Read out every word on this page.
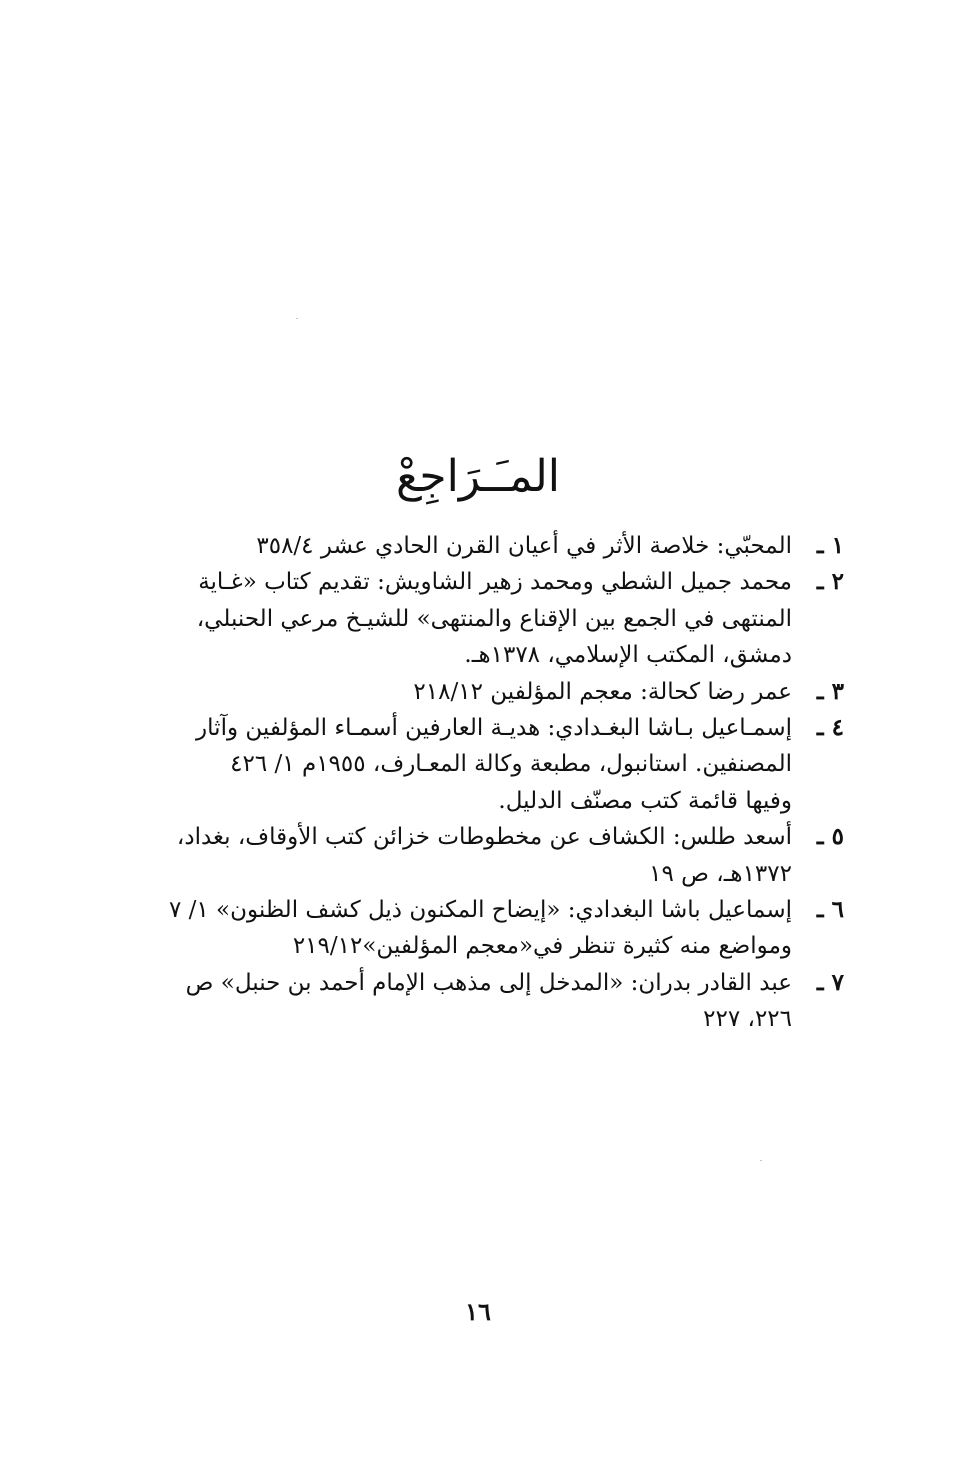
المـَـرَاجِعْ
١ ـ
المحبّي: خلاصة الأثر في أعيان القرن الحادي عشر ٣٥٨/٤
٢ ـ
محمد جميل الشطي ومحمد زهير الشاويش: تقديم كتاب «غـاية
المنتهى في الجمع بين الإقناع والمنتهى» للشيـخ مرعي الحنبلي،
دمشق، المكتب الإسلامي، ١٣٧٨هـ.
٣ ـ
عمر رضا كحالة: معجم المؤلفين ٢١٨/١٢
٤ ـ
إسمـاعيل بـاشا البغـدادي: هديـة العارفين أسمـاء المؤلفين وآثار
المصنفين. استانبول، مطبعة وكالة المعـارف، ١٩٥٥م ١/ ٤٢٦
وفيها قائمة كتب مصنّف الدليل.
٥ ـ
أسعد طلس: الكشاف عن مخطوطات خزائن كتب الأوقاف، بغداد،
١٣٧٢هـ، ص ١٩
٦ ـ
إسماعيل باشا البغدادي: «إيضاح المكنون ذيل كشف الظنون» ١/ ٧
ومواضع منه كثيرة تنظر في«معجم المؤلفين»٢١٩/١٢
٧ ـ
عبد القادر بدران: «المدخل إلى مذهب الإمام أحمد بن حنبل» ص
٢٢٦، ٢٢٧
١٦
